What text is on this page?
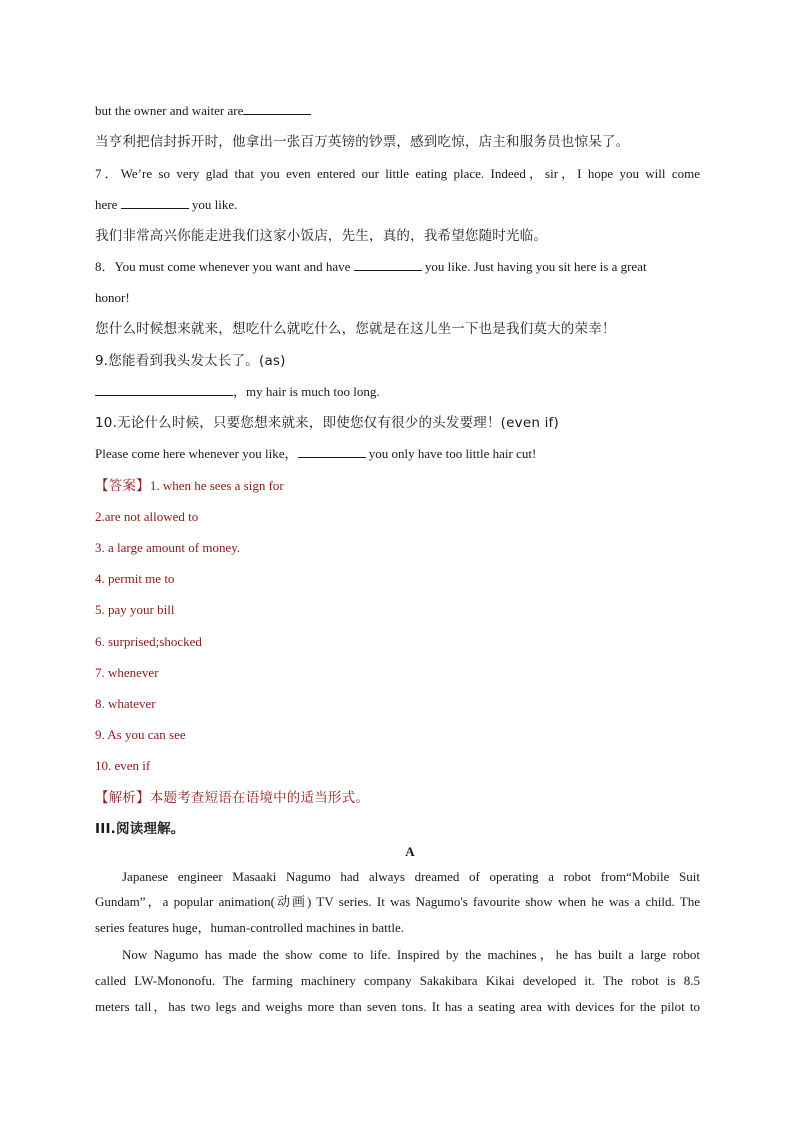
but the owner and waiter are
当亨利把信封拆开时，他拿出一张百万英镑的钞票，感到吃惊，店主和服务员也惊呆了。
7．We’re so very glad that you even entered our little eating place. Indeed，sir，I hope you will come
here	you like.
我们非常高兴你能走进我们这家小饭店，先生，真的，我希望您随时光临。
8．You must come whenever you want and have	you like. Just having you sit here is a great
honor!
您什么时候想来就来，想吃什么就吃什么，您就是在这儿坐一下也是我们莫大的荣幸！
9.您能看到我头发太长了。(as)
，my hair is much too long.
10.无论什么时候，只要您想来就来，即使您仅有很少的头发要理！(even if)
Please come here whenever you like，	you only have too little hair cut!
【答案】1. when he sees a sign for
2.are not allowed to
3. a large amount of money.
4. permit me to
5. pay your bill
6. surprised;shocked
7. whenever
8. whatever
9. As you can see
10. even if
【解析】本题考查短语在语境中的适当形式。
III.阅读理解。
A
Japanese engineer Masaaki Nagumo had always dreamed of operating a robot from“Mobile Suit
Gundam”，a popular animation(动画) TV series. It was Nagumo's favourite show when he was a child. The
series features huge，human-controlled machines in battle.
Now Nagumo has made the show come to life. Inspired by the machines，he has built a large robot
called LW-Mononofu. The farming machinery company Sakakibara Kikai developed it. The robot is 8.5
meters tall，has two legs and weighs more than seven tons. It has a seating area with devices for the pilot to
